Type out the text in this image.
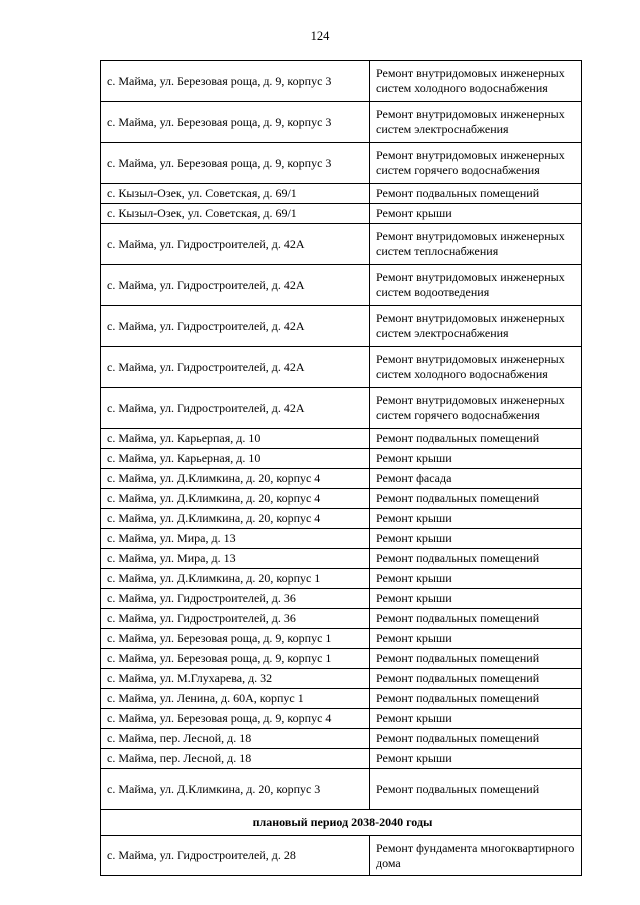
124
с. Майма, ул. Березовая роща, д. 9, корпус 3	Ремонт внутридомовых инженерных систем холодного водоснабжения
с. Майма, ул. Березовая роща, д. 9, корпус 3	Ремонт внутридомовых инженерных систем электроснабжения
с. Майма, ул. Березовая роща, д. 9, корпус 3	Ремонт внутридомовых инженерных систем горячего водоснабжения
с. Кызыл-Озек, ул. Советская, д. 69/1	Ремонт подвальных помещений
с. Кызыл-Озек, ул. Советская, д. 69/1	Ремонт крыши
с. Майма, ул. Гидростроителей, д. 42А	Ремонт внутридомовых инженерных систем теплоснабжения
с. Майма, ул. Гидростроителей, д. 42А	Ремонт внутридомовых инженерных систем водоотведения
с. Майма, ул. Гидростроителей, д. 42А	Ремонт внутридомовых инженерных систем электроснабжения
с. Майма, ул. Гидростроителей, д. 42А	Ремонт внутридомовых инженерных систем холодного водоснабжения
с. Майма, ул. Гидростроителей, д. 42А	Ремонт внутридомовых инженерных систем горячего водоснабжения
с. Майма, ул. Карьерпая, д. 10	Ремонт подвальных помещений
с. Майма, ул. Карьерная, д. 10	Ремонт крыши
с. Майма, ул. Д.Климкина, д. 20, корпус 4	Ремонт фасада
с. Майма, ул. Д.Климкина, д. 20, корпус 4	Ремонт подвальных помещений
с. Майма, ул. Д.Климкина, д. 20, корпус 4	Ремонт крыши
с. Майма, ул. Мира, д. 13	Ремонт крыши
с. Майма, ул. Мира, д. 13	Ремонт подвальных помещений
с. Майма, ул. Д.Климкина, д. 20, корпус 1	Ремонт крыши
с. Майма, ул. Гидростроителей, д. 36	Ремонт крыши
с. Майма, ул. Гидростроителей, д. 36	Ремонт подвальных помещений
с. Майма, ул. Березовая роща, д. 9, корпус 1	Ремонт крыши
с. Майма, ул. Березовая роща, д. 9, корпус 1	Ремонт подвальных помещений
с. Майма, ул. М.Глухарева, д. 32	Ремонт подвальных помещений
с. Майма, ул. Ленина, д. 60А, корпус 1	Ремонт подвальных помещений
с. Майма, ул. Березовая роща, д. 9, корпус 4	Ремонт крыши
с. Майма, пер. Лесной, д. 18	Ремонт подвальных помещений
с. Майма, пер. Лесной, д. 18	Ремонт крыши
с. Майма, ул. Д.Климкина, д. 20, корпус 3	Ремонт подвальных помещений
плановый период 2038-2040 годы	
с. Майма, ул. Гидростроителей, д. 28	Ремонт фундамента многоквартирного дома
